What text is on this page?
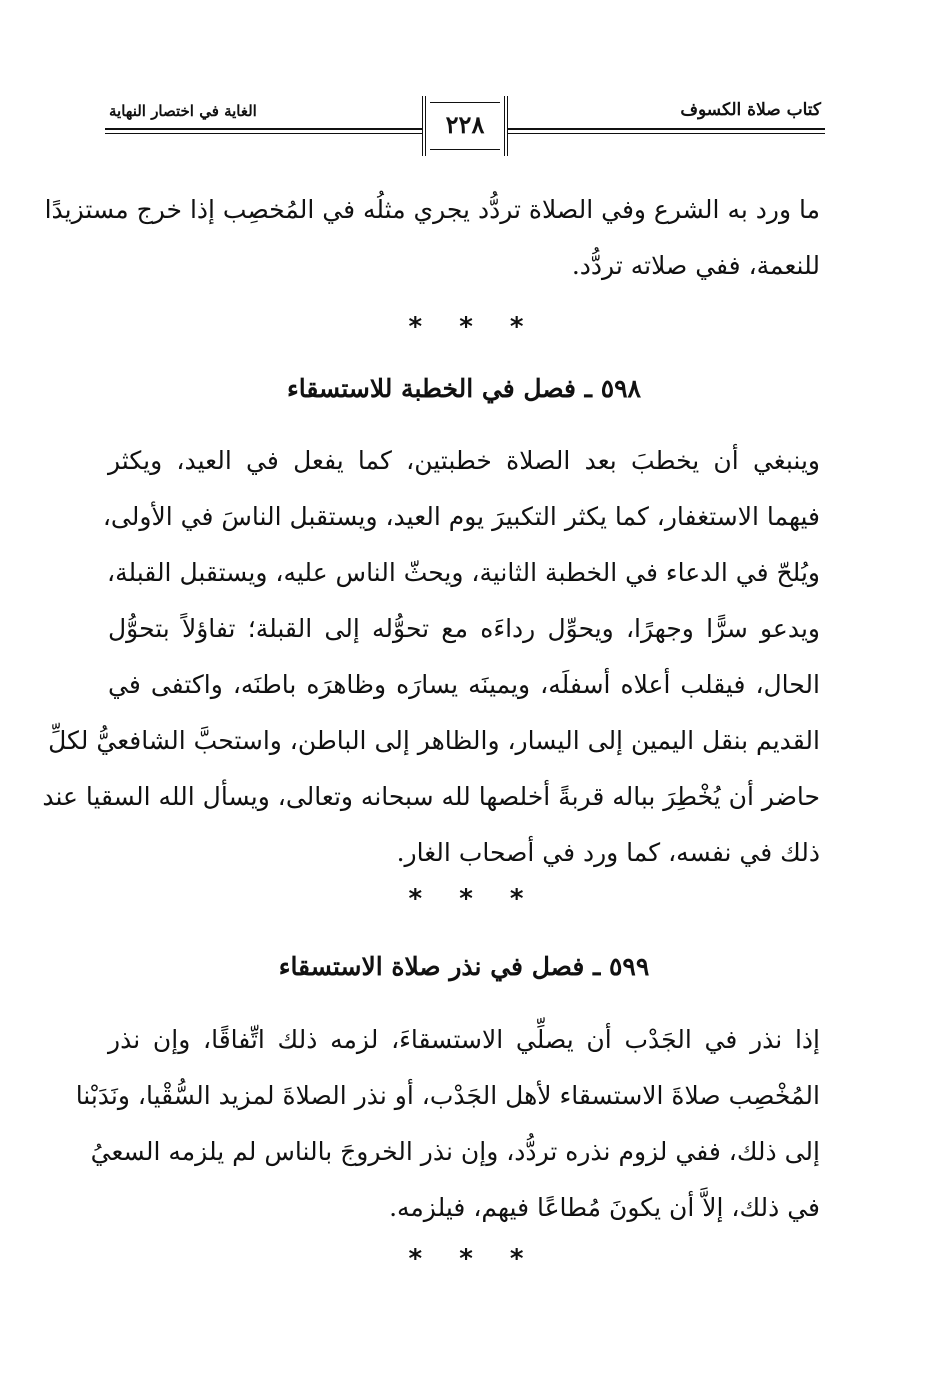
كتاب صلاة الكسوف
الغاية في اختصار النهاية	٢٢٨
ما ورد به الشرع وفي الصلاة تردُّد يجري مثلُه في المُخصِب إذا خرج مستزيدًا
للنعمة، ففي صلاته تردُّد.
* * *
٥٩٨ ـ فصل في الخطبة للاستسقاء
وينبغي أن يخطبَ بعد الصلاة خطبتين، كما يفعل في العيد، ويكثر
فيهما الاستغفار، كما يكثر التكبيرَ يوم العيد، ويستقبل الناسَ في الأولى،
ويُلحّ في الدعاء في الخطبة الثانية، ويحثّ الناس عليه، ويستقبل القبلة،
ويدعو سرًّا وجهرًا، ويحوِّل رداءَه مع تحوُّله إلى القبلة؛ تفاؤلاً بتحوُّل
الحال، فيقلب أعلاه أسفلَه، ويمينَه يسارَه وظاهرَه باطنَه، واكتفى في
القديم بنقل اليمين إلى اليسار، والظاهر إلى الباطن، واستحبَّ الشافعيُّ لكلِّ
حاضر أن يُخْطِرَ بباله قربةً أخلصها لله سبحانه وتعالى، ويسأل الله السقيا عند
ذلك في نفسه، كما ورد في أصحاب الغار.
* * *
٥٩٩ ـ فصل في نذر صلاة الاستسقاء
إذا نذر في الجَدْب أن يصلِّي الاستسقاءَ، لزمه ذلك اتِّفاقًا، وإن نذر
المُخْصِب صلاةَ الاستسقاء لأهل الجَدْب، أو نذر الصلاةَ لمزيد السُّقْيا، ونَدَبْنا
إلى ذلك، ففي لزوم نذره تردُّد، وإن نذر الخروجَ بالناس لم يلزمه السعيُ
في ذلك، إلاَّ أن يكونَ مُطاعًا فيهم، فيلزمه.
* * *
